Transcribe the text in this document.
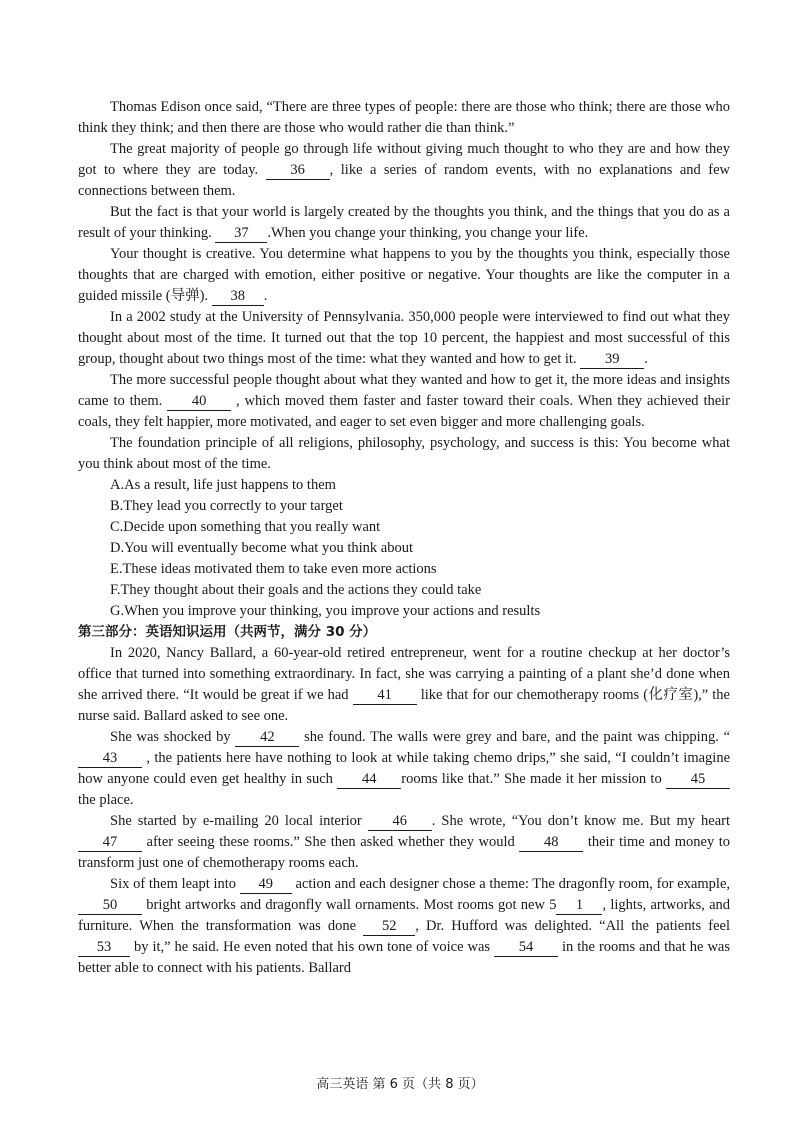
Thomas Edison once said, “There are three types of people: there are those who think; there are those who think they think; and then there are those who would rather die than think.”

The great majority of people go through life without giving much thought to who they are and how they got to where they are today. 36 , like a series of random events, with no explanations and few connections between them.

But the fact is that your world is largely created by the thoughts you think, and the things that you do as a result of your thinking. 37 .When you change your thinking, you change your life.

Your thought is creative. You determine what happens to you by the thoughts you think, especially those thoughts that are charged with emotion, either positive or negative. Your thoughts are like the computer in a guided missile (导弹). 38 .

In a 2002 study at the University of Pennsylvania. 350,000 people were interviewed to find out what they thought about most of the time. It turned out that the top 10 percent, the happiest and most successful of this group, thought about two things most of the time: what they wanted and how to get it. 39 .

The more successful people thought about what they wanted and how to get it, the more ideas and insights came to them. 40 , which moved them faster and faster toward their coals. When they achieved their coals, they felt happier, more motivated, and eager to set even bigger and more challenging goals.

The foundation principle of all religions, philosophy, psychology, and success is this: You become what you think about most of the time.

A.As a result, life just happens to them

B.They lead you correctly to your target

C.Decide upon something that you really want

D.You will eventually become what you think about

E.These ideas motivated them to take even more actions

F.They thought about their goals and the actions they could take

G.When you improve your thinking, you improve your actions and results

第三部分：英语知识运用（共两节，满分 30 分）

In 2020, Nancy Ballard, a 60-year-old retired entrepreneur, went for a routine checkup at her doctor’s office that turned into something extraordinary. In fact, she was carrying a painting of a plant she’d done when she arrived there. “It would be great if we had 41 like that for our chemotherapy rooms (化疗室),” the nurse said. Ballard asked to see one.

She was shocked by 42 she found. The walls were grey and bare, and the paint was chipping. “43 , the patients here have nothing to look at while taking chemo drips,” she said, “I couldn’t imagine how anyone could even get healthy in such 44 rooms like that.” She made it her mission to 45 the place.

She started by e-mailing 20 local interior 46 . She wrote, “You don’t know me. But my heart 47 after seeing these rooms.” She then asked whether they would 48 their time and money to transform just one of chemotherapy rooms each.

Six of them leapt into 49 action and each designer chose a theme: The dragonfly room, for example, 50 bright artworks and dragonfly wall ornaments. Most rooms got new 5 1 , lights, artworks, and furniture. When the transformation was done 52 , Dr. Hufford was delighted. “All the patients feel 53 by it,” he said. He even noted that his own tone of voice was 54 in the rooms and that he was better able to connect with his patients. Ballard

高三英语 第 6 页（共 8 页）
